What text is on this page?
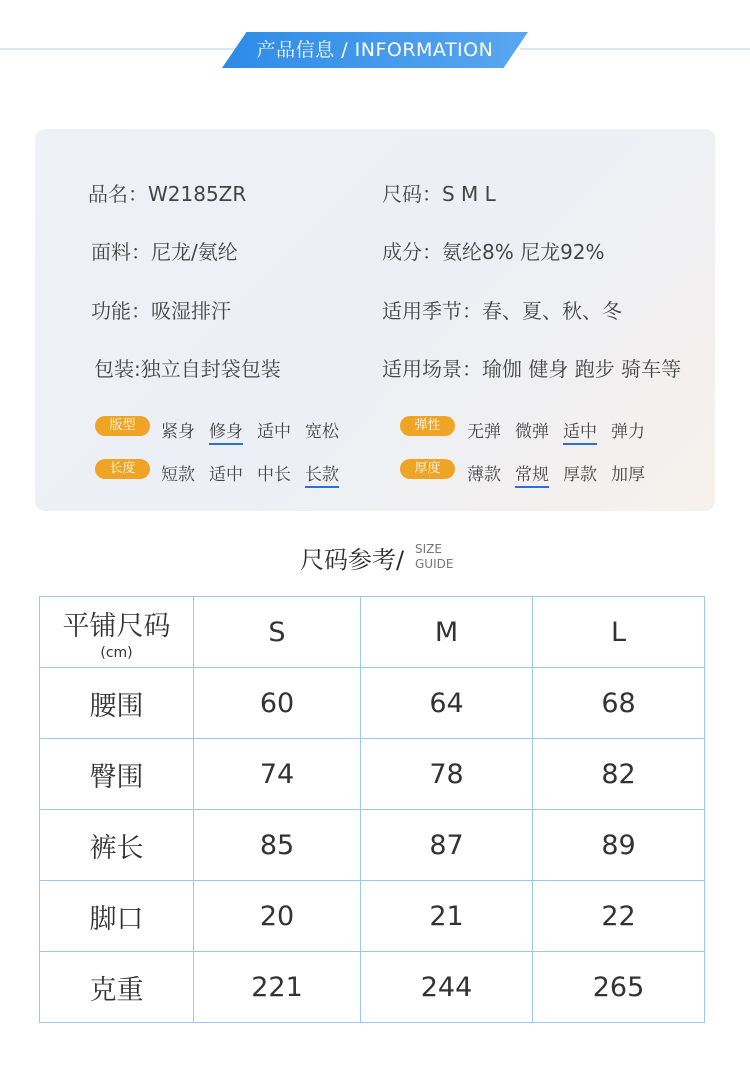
产品信息 / INFORMATION
品名：W2185ZR	尺码：S M L
面料：尼龙/氨纶	成分：氨纶8% 尼龙92%
功能：吸湿排汗	适用季节：春、夏、秋、冬
包装:独立自封袋包装	适用场景：瑜伽 健身 跑步 骑车等
版型	紧身 修身 适中 宽松	弹性	无弹 微弹 适中 弹力
长度	短款 适中 中长 长款	厚度	薄款 常规 厚款 加厚
尺码参考/ SIZE
GUIDE
平铺尺码
(cm)	S	M	L
腰围	60	64	68
臀围	74	78	82
裤长	85	87	89
脚口	20	21	22
克重	221	244	265
